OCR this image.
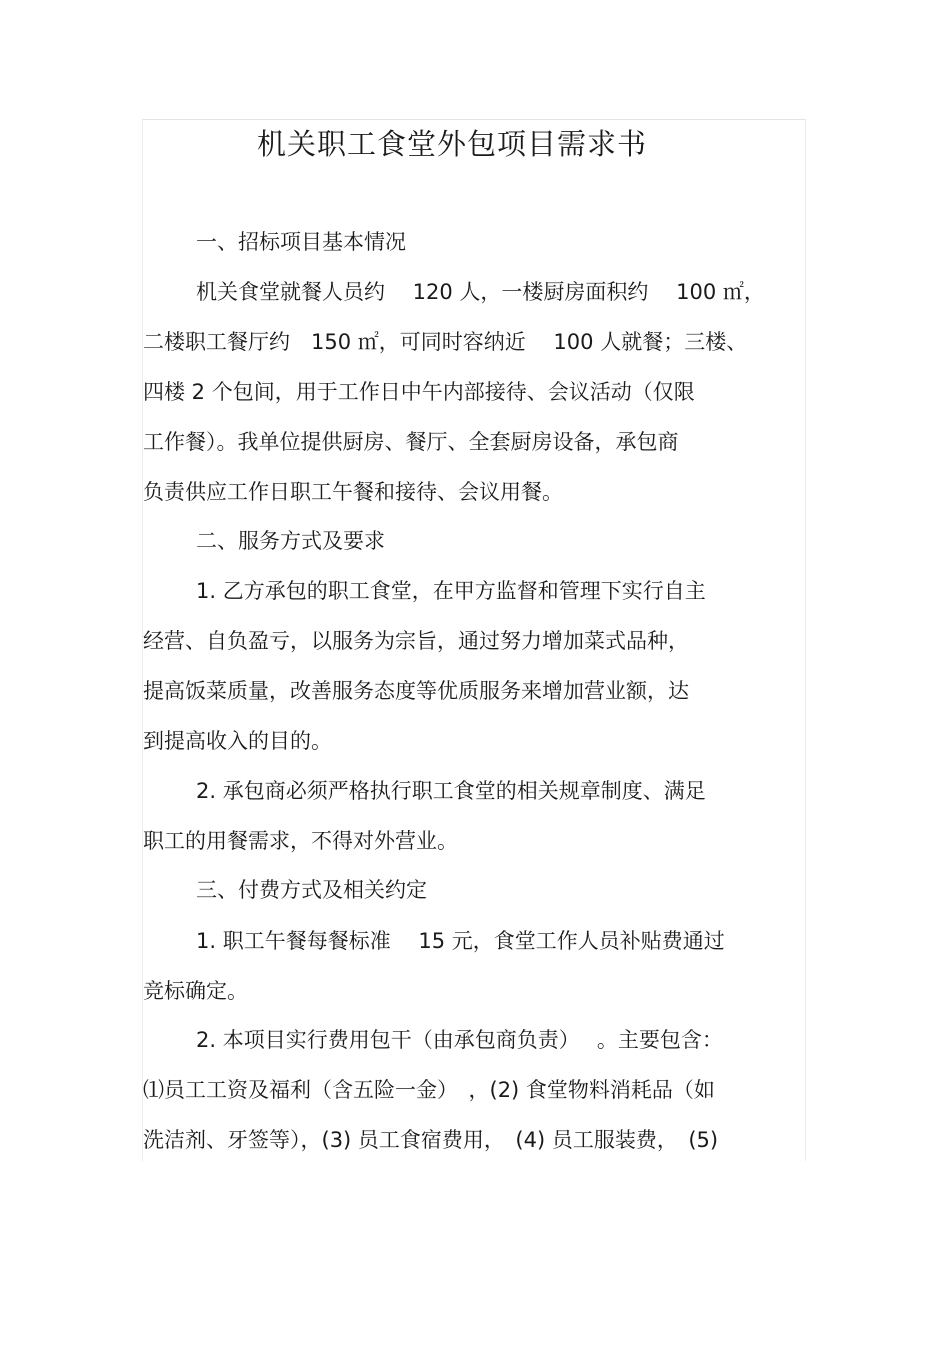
机关职工食堂外包项目需求书
一、招标项目基本情况
机关食堂就餐人员约　 120 人，一楼厨房面积约　 100 ㎡，
二楼职工餐厅约　150 ㎡，可同时容纳近　 100 人就餐；三楼、
四楼 2 个包间，用于工作日中午内部接待、会议活动（仅限
工作餐）。我单位提供厨房、餐厅、全套厨房设备，承包商
负责供应工作日职工午餐和接待、会议用餐。
二、服务方式及要求
1. 乙方承包的职工食堂，在甲方监督和管理下实行自主
经营、自负盈亏，以服务为宗旨，通过努力增加菜式品种，
提高饭菜质量，改善服务态度等优质服务来增加营业额，达
到提高收入的目的。
2. 承包商必须严格执行职工食堂的相关规章制度、满足
职工的用餐需求，不得对外营业。
三、付费方式及相关约定
1. 职工午餐每餐标准　 15 元，食堂工作人员补贴费通过
竞标确定。
2. 本项目实行费用包干（由承包商负责）　 。主要包含：
⑴员工工资及福利（含五险一金）　，(2) 食堂物料消耗品（如
洗洁剂、牙签等），(3) 员工食宿费用，　(4) 员工服装费，　(5)
